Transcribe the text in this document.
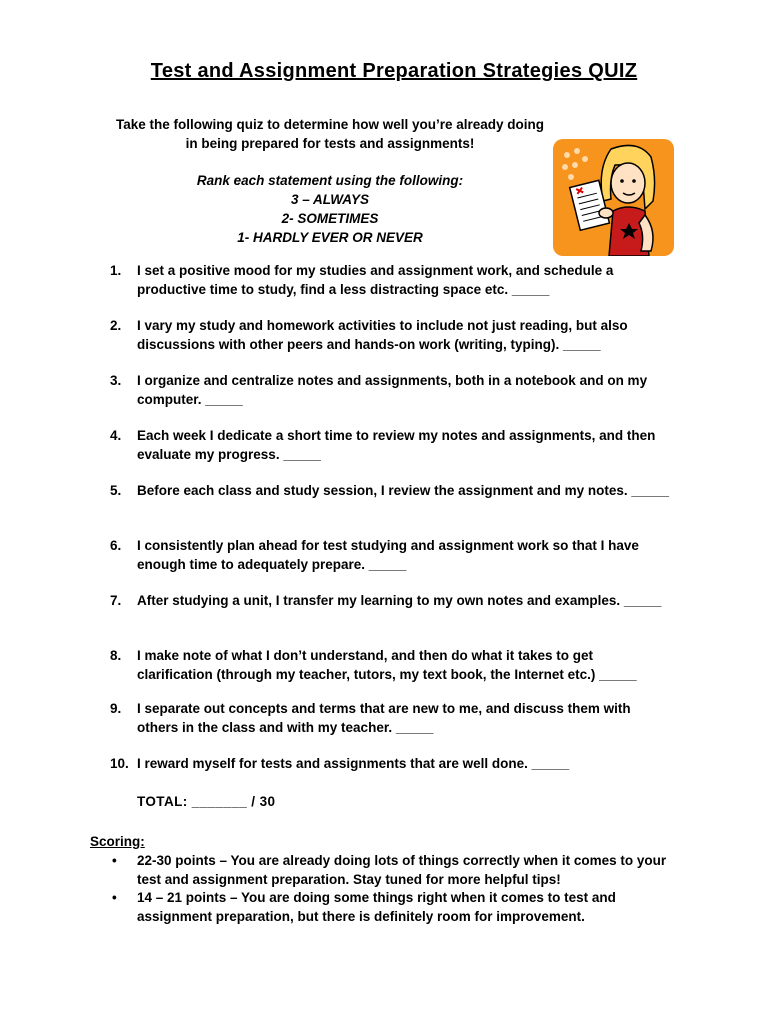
Test and Assignment Preparation Strategies QUIZ
Take the following quiz to determine how well you’re already doing in being prepared for tests and assignments!
Rank each statement using the following:
3 – ALWAYS
2- SOMETIMES
1- HARDLY EVER OR NEVER
1. I set a positive mood for my studies and assignment work, and schedule a productive time to study, find a less distracting space etc. _____
2. I vary my study and homework activities to include not just reading, but also discussions with other peers and hands-on work (writing, typing). _____
3. I organize and centralize notes and assignments, both in a notebook and on my computer. _____
4. Each week I dedicate a short time to review my notes and assignments, and then evaluate my progress. _____
5. Before each class and study session, I review the assignment and my notes. _____
6. I consistently plan ahead for test studying and assignment work so that I have enough time to adequately prepare. _____
7. After studying a unit, I transfer my learning to my own notes and examples. _____
8. I make note of what I don’t understand, and then do what it takes to get clarification (through my teacher, tutors, my text book, the Internet etc.) _____
9. I separate out concepts and terms that are new to me, and discuss them with others in the class and with my teacher. _____
10. I reward myself for tests and assignments that are well done. _____
TOTAL: _______ / 30
Scoring:
• 22-30 points – You are already doing lots of things correctly when it comes to your test and assignment preparation. Stay tuned for more helpful tips!
• 14 – 21 points – You are doing some things right when it comes to test and assignment preparation, but there is definitely room for improvement.
